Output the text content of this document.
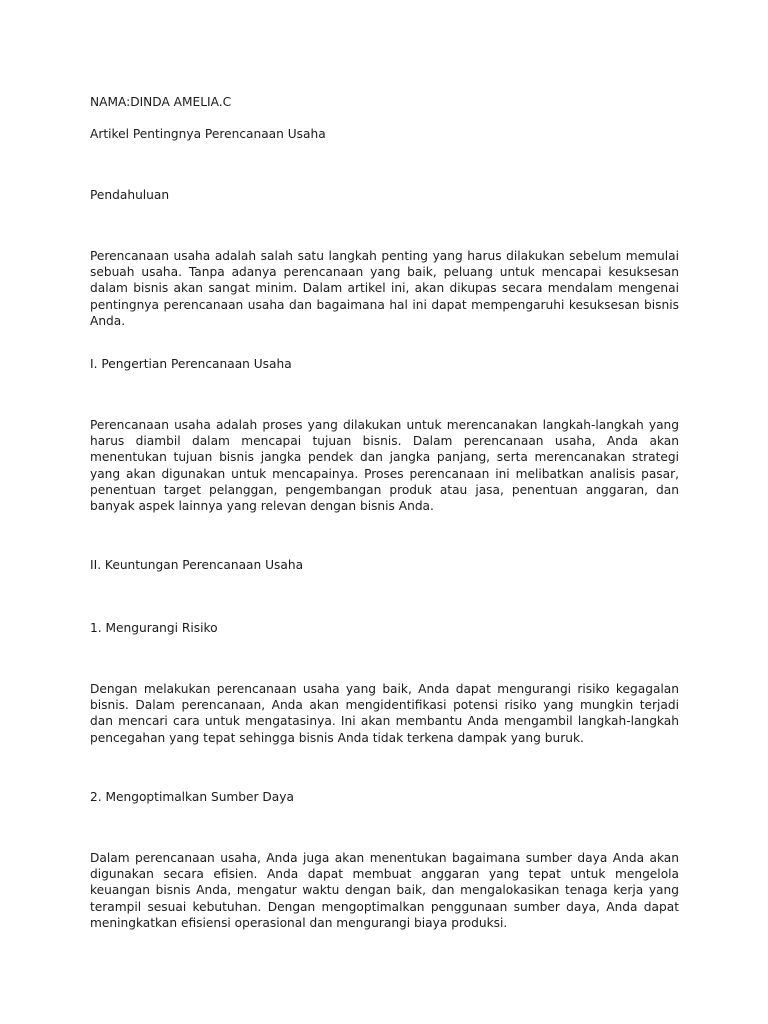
NAMA:DINDA AMELIA.C
Artikel Pentingnya Perencanaan Usaha
Pendahuluan
Perencanaan usaha adalah salah satu langkah penting yang harus dilakukan sebelum memulai sebuah usaha. Tanpa adanya perencanaan yang baik, peluang untuk mencapai kesuksesan dalam bisnis akan sangat minim. Dalam artikel ini, akan dikupas secara mendalam mengenai pentingnya perencanaan usaha dan bagaimana hal ini dapat mempengaruhi kesuksesan bisnis Anda.
I. Pengertian Perencanaan Usaha
Perencanaan usaha adalah proses yang dilakukan untuk merencanakan langkah-langkah yang harus diambil dalam mencapai tujuan bisnis. Dalam perencanaan usaha, Anda akan menentukan tujuan bisnis jangka pendek dan jangka panjang, serta merencanakan strategi yang akan digunakan untuk mencapainya. Proses perencanaan ini melibatkan analisis pasar, penentuan target pelanggan, pengembangan produk atau jasa, penentuan anggaran, dan banyak aspek lainnya yang relevan dengan bisnis Anda.
II. Keuntungan Perencanaan Usaha
1. Mengurangi Risiko
Dengan melakukan perencanaan usaha yang baik, Anda dapat mengurangi risiko kegagalan bisnis. Dalam perencanaan, Anda akan mengidentifikasi potensi risiko yang mungkin terjadi dan mencari cara untuk mengatasinya. Ini akan membantu Anda mengambil langkah-langkah pencegahan yang tepat sehingga bisnis Anda tidak terkena dampak yang buruk.
2. Mengoptimalkan Sumber Daya
Dalam perencanaan usaha, Anda juga akan menentukan bagaimana sumber daya Anda akan digunakan secara efisien. Anda dapat membuat anggaran yang tepat untuk mengelola keuangan bisnis Anda, mengatur waktu dengan baik, dan mengalokasikan tenaga kerja yang terampil sesuai kebutuhan. Dengan mengoptimalkan penggunaan sumber daya, Anda dapat meningkatkan efisiensi operasional dan mengurangi biaya produksi.
